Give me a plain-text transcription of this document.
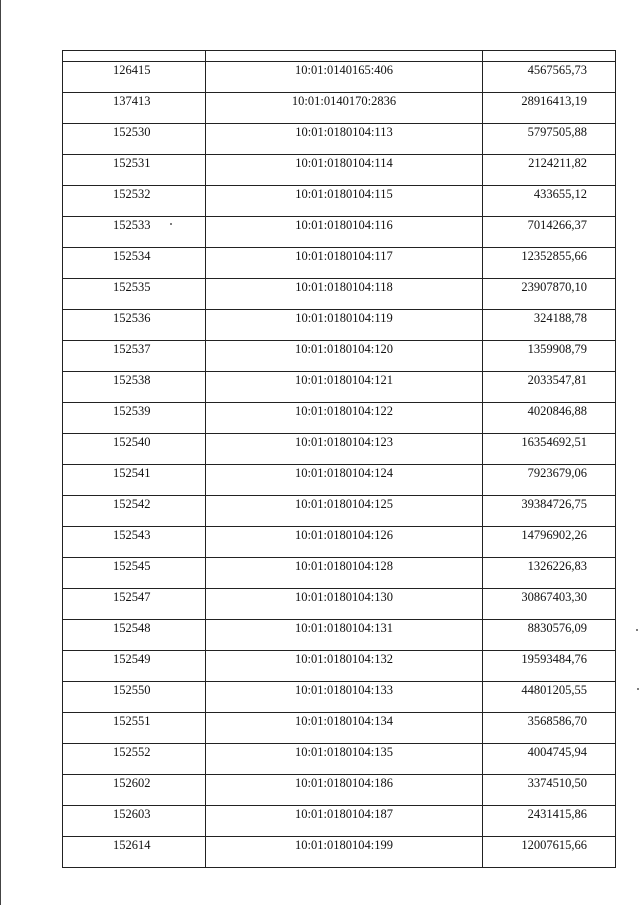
126415	10:01:0140165:406	4567565,73
137413	10:01:0140170:2836	28916413,19
152530	10:01:0180104:113	5797505,88
152531	10:01:0180104:114	2124211,82
152532	10:01:0180104:115	433655,12
152533	10:01:0180104:116	7014266,37
152534	10:01:0180104:117	12352855,66
152535	10:01:0180104:118	23907870,10
152536	10:01:0180104:119	324188,78
152537	10:01:0180104:120	1359908,79
152538	10:01:0180104:121	2033547,81
152539	10:01:0180104:122	4020846,88
152540	10:01:0180104:123	16354692,51
152541	10:01:0180104:124	7923679,06
152542	10:01:0180104:125	39384726,75
152543	10:01:0180104:126	14796902,26
152545	10:01:0180104:128	1326226,83
152547	10:01:0180104:130	30867403,30
152548	10:01:0180104:131	8830576,09
152549	10:01:0180104:132	19593484,76
152550	10:01:0180104:133	44801205,55
152551	10:01:0180104:134	3568586,70
152552	10:01:0180104:135	4004745,94
152602	10:01:0180104:186	3374510,50
152603	10:01:0180104:187	2431415,86
152614	10:01:0180104:199	12007615,66
